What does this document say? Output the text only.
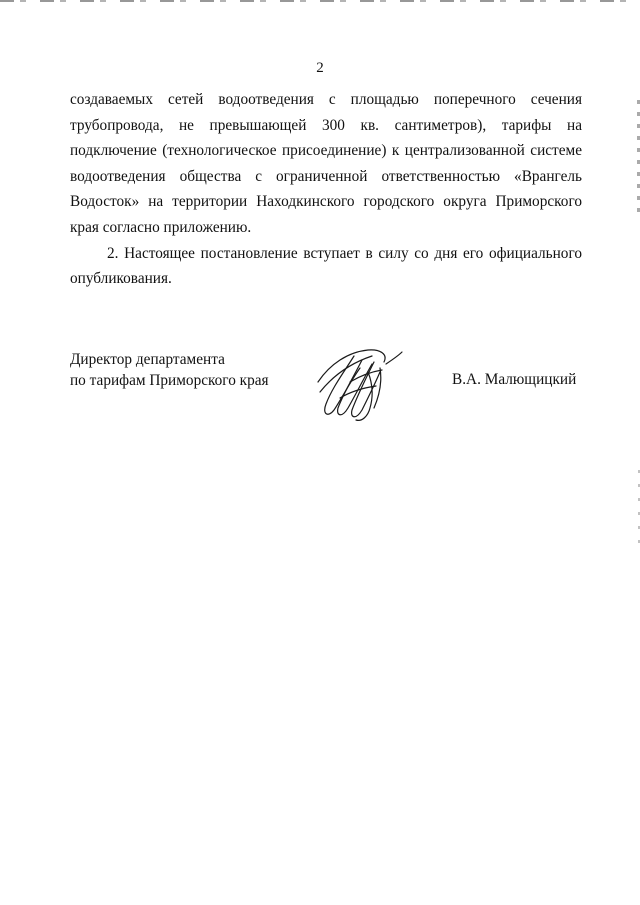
2
создаваемых сетей водоотведения с площадью поперечного сечения
трубопровода, не превышающей 300 кв. сантиметров), тарифы на
подключение (технологическое присоединение) к централизованной системе
водоотведения общества с ограниченной ответственностью «Врангель
Водосток» на территории Находкинского городского округа Приморского
края согласно приложению.
2. Настоящее постановление вступает в силу со дня его официального
опубликования.
Директор департамента
по тарифам Приморского края	В.А. Малющицкий
